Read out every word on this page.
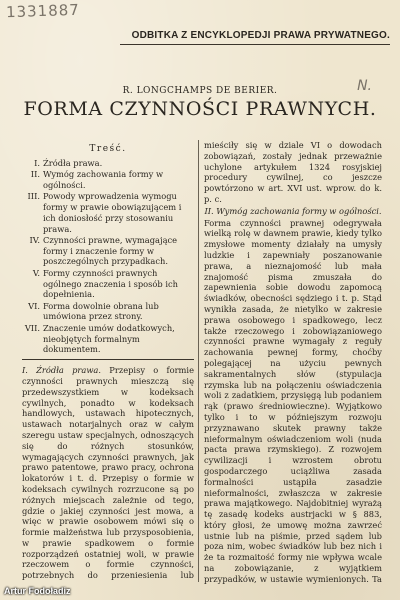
1331887
N.
ODBITKA Z ENCYKLOPEDJI PRAWA PRYWATNEGO.
R. LONGCHAMPS DE BERIER.
FORMA CZYNNOŚCI PRAWNYCH.
Treść.
I. Źródła prawa.
II. Wymóg zachowania formy w ogólności.
III. Powody wprowadzenia wymogu formy w prawie obowiązującem i ich doniosłość przy stosowaniu prawa.
IV. Czynności prawne, wymagające formy i znaczenie formy w poszczególnych przypadkach.
V. Formy czynności prawnych ogólnego znaczenia i sposób ich dopełnienia.
VI. Forma dowolnie obrana lub umówiona przez strony.
VII. Znaczenie umów dodatkowych, nieobjętych formalnym dokumentem.

I. Źródła prawa. Przepisy o formie czynności prawnych mieszczą się przedewszystkiem w kodeksach cywilnych, ponadto w kodeksach handlowych, ustawach hipotecznych, ustawach notarjalnych oraz w całym szeregu ustaw specjalnych, odnoszących się do różnych stosunków, wymagających czynności prawnych, jak prawo patentowe, prawo pracy, ochrona lokatorów i t. d. Przepisy o formie w kodeksach cywilnych rozrzucone są po różnych miejscach zależnie od tego, gdzie o jakiej czynności jest mowa, a więc w prawie osobowem mówi się o formie małżeństwa lub przysposobienia, w prawie spadkowem o formie rozporządzeń ostatniej woli, w prawie rzeczowem o formie czynności, potrzebnych do przeniesienia lub

mieściły się w dziale VI o dowodach zobowiązań, zostały jednak przeważnie uchylone artykułem 1324 rosyjskiej procedury cywilnej, co jeszcze powtórzono w art. XVI ust. wprow. do k. p. c.

II. Wymóg zachowania formy w ogólności.

Forma czynności prawnej odegrywała wielką rolę w dawnem prawie, kiedy tylko zmysłowe momenty działały na umysły ludzkie i zapewniały poszanowanie prawa, a nieznajomość lub mała znajomość pisma zmuszała do zapewnienia sobie dowodu zapomocą świadków, obecności sędziego i t. p. Stąd wynikła zasada, że nietylko w zakresie prawa osobowego i spadkowego, lecz także rzeczowego i zobowiązaniowego czynności prawne wymagały z reguły zachowania pewnej formy, choćby polegającej na użyciu pewnych sakramentalnych słów (stypulacja rzymska lub na połączeniu oświadczenia woli z zadatkiem, przysięgą lub podaniem rąk (prawo średniowieczne). Wyjątkowo tylko i to w późniejszym rozwoju przyznawano skutek prawny także nieformalnym oświadczeniom woli (nuda pacta prawa rzymskiego). Z rozwojem cywilizacji i wzrostem obrotu gospodarczego uciążliwa zasada formalności ustąpiła zasadzie nieformalności, zwłaszcza w zakresie prawa majątkowego. Najdobitniej wyrażą tę zasadę kodeks austrjacki w § 883, który głosi, że umowę można zawrzeć ustnie lub na piśmie, przed sądem lub poza nim, wobec świadków lub bez nich i że ta rozmaitość formy nie wpływa wcale na zobowiązanie, z wyjątkiem przypadków, w ustawie wymienionych. Ta

Artur Fodoładiz
